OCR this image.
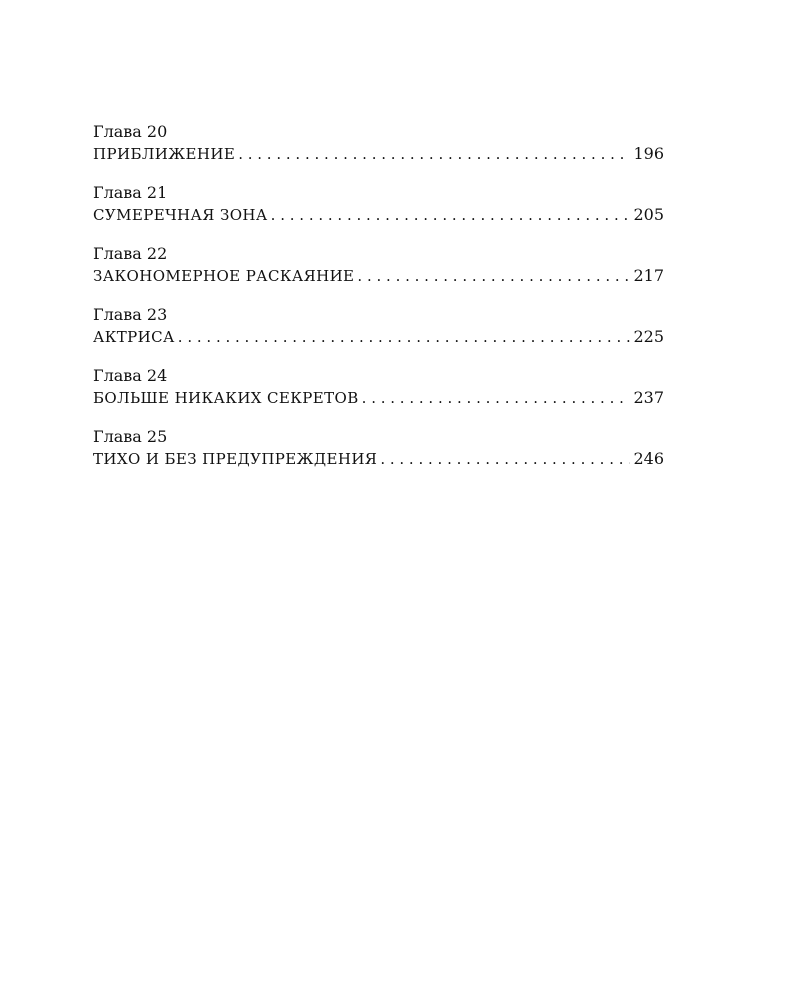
Глава 20
ПРИБЛИЖЕНИЕ . . .	196
Глава 21
СУМЕРЕЧНАЯ ЗОНА . . .	205
Глава 22
ЗАКОНОМЕРНОЕ РАСКАЯНИЕ . . .	217
Глава 23
АКТРИСА . . .	225
Глава 24
БОЛЬШЕ НИКАКИХ СЕКРЕТОВ . . .	237
Глава 25
ТИХО И БЕЗ ПРЕДУПРЕЖДЕНИЯ . . .	246
